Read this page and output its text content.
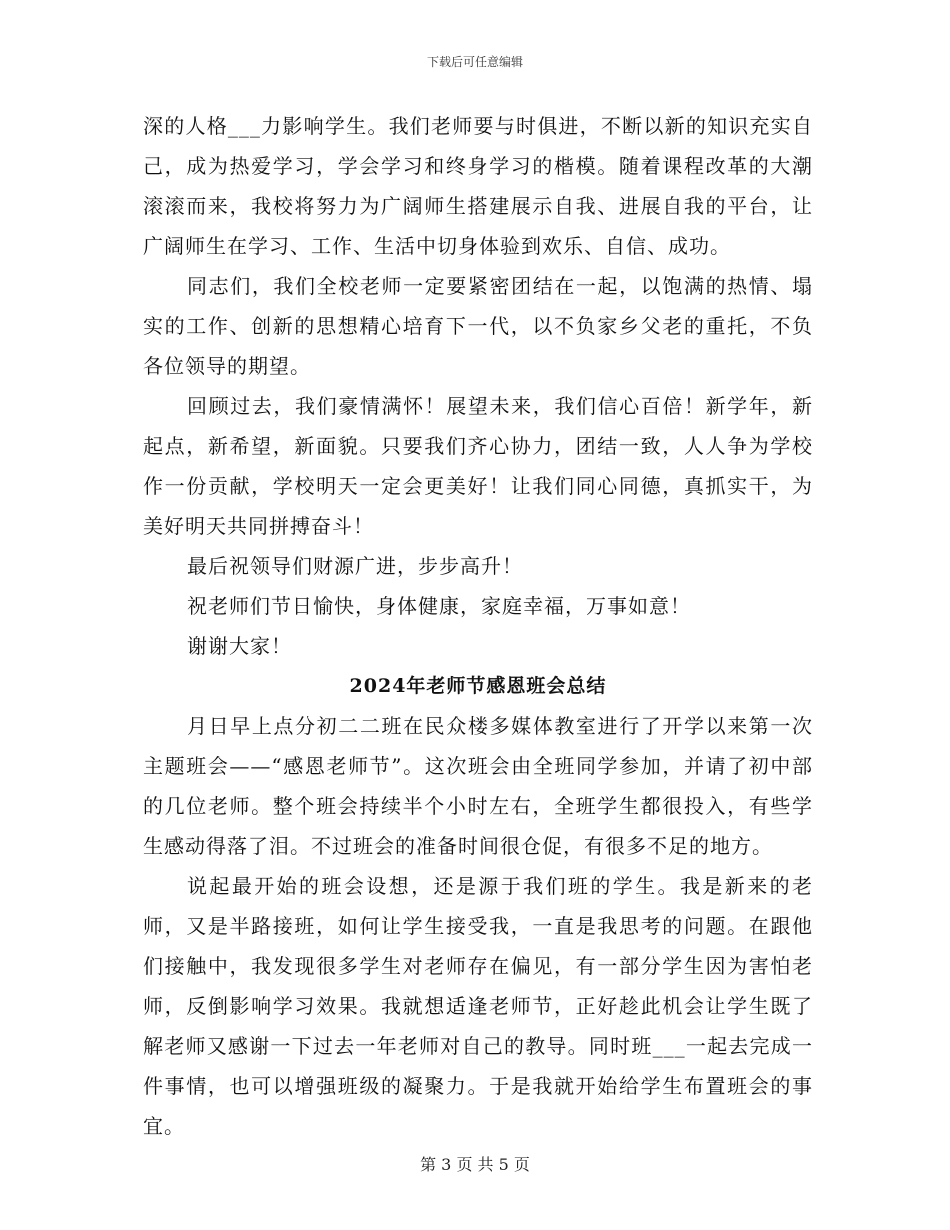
下载后可任意编辑

深的人格___力影响学生。我们老师要与时俱进，不断以新的知识充实自己，成为热爱学习，学会学习和终身学习的楷模。随着课程改革的大潮滚滚而来，我校将努力为广阔师生搭建展示自我、进展自我的平台，让广阔师生在学习、工作、生活中切身体验到欢乐、自信、成功。

同志们，我们全校老师一定要紧密团结在一起，以饱满的热情、塌实的工作、创新的思想精心培育下一代，以不负家乡父老的重托，不负各位领导的期望。

回顾过去，我们豪情满怀！展望未来，我们信心百倍！新学年，新起点，新希望，新面貌。只要我们齐心协力，团结一致，人人争为学校作一份贡献，学校明天一定会更美好！让我们同心同德，真抓实干，为美好明天共同拼搏奋斗！

最后祝领导们财源广进，步步高升！

祝老师们节日愉快，身体健康，家庭幸福，万事如意！

谢谢大家！

2024年老师节感恩班会总结

月日早上点分初二二班在民众楼多媒体教室进行了开学以来第一次主题班会——“感恩老师节”。这次班会由全班同学参加，并请了初中部的几位老师。整个班会持续半个小时左右，全班学生都很投入，有些学生感动得落了泪。不过班会的准备时间很仓促，有很多不足的地方。

说起最开始的班会设想，还是源于我们班的学生。我是新来的老师，又是半路接班，如何让学生接受我，一直是我思考的问题。在跟他们接触中，我发现很多学生对老师存在偏见，有一部分学生因为害怕老师，反倒影响学习效果。我就想适逢老师节，正好趁此机会让学生既了解老师又感谢一下过去一年老师对自己的教导。同时班___一起去完成一件事情，也可以增强班级的凝聚力。于是我就开始给学生布置班会的事宜。

第 3 页 共 5 页
